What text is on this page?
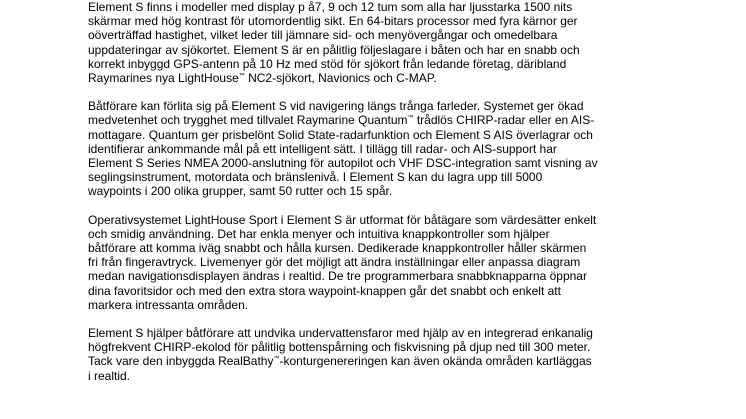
Element S finns i modeller med display p å7, 9 och 12 tum som alla har ljusstarka 1500 nits
skärmar med hög kontrast för utomordentlig sikt. En 64-bitars processor med fyra kärnor ger
oöverträffad hastighet, vilket leder till jämnare sid- och menyövergångar och omedelbara
uppdateringar av sjökortet. Element S är en pålitlig följeslagare i båten och har en snabb och
korrekt inbyggd GPS-antenn på 10 Hz med stöd för sjökort från ledande företag, däribland
Raymarines nya LightHouse™ NC2-sjökort, Navionics och C-MAP.

Båtförare kan förlita sig på Element S vid navigering längs trånga farleder. Systemet ger ökad
medvetenhet och trygghet med tillvalet Raymarine Quantum™ trådlös CHIRP-radar eller en AIS-
mottagare. Quantum ger prisbelönt Solid State-radarfunktion och Element S AIS överlagrar och
identifierar ankommande mål på ett intelligent sätt. I tillägg till radar- och AIS-support har
Element S Series NMEA 2000-anslutning för autopilot och VHF DSC-integration samt visning av
seglingsinstrument, motordata och bränslenivå. I Element S kan du lagra upp till 5000
waypoints i 200 olika grupper, samt 50 rutter och 15 spår.

Operativsystemet LightHouse Sport i Element S är utformat för båtägare som värdesätter enkelt
och smidig användning. Det har enkla menyer och intuitiva knappkontroller som hjälper
båtförare att komma iväg snabbt och hålla kursen. Dedikerade knappkontroller håller skärmen
fri från fingeravtryck. Livemenyer gör det möjligt att ändra inställningar eller anpassa diagram
medan navigationsdisplayen ändras i realtid. De tre programmerbara snabbknapparna öppnar
dina favoritsidor och med den extra stora waypoint-knappen går det snabbt och enkelt att
markera intressanta områden.

Element S hjälper båtförare att undvika undervattensfaror med hjälp av en integrerad enkanalig
högfrekvent CHIRP-ekolod för pålitlig bottenspårning och fiskvisning på djup ned till 300 meter.
Tack vare den inbyggda RealBathy™-konturgenereringen kan även okända områden kartläggas
i realtid.
